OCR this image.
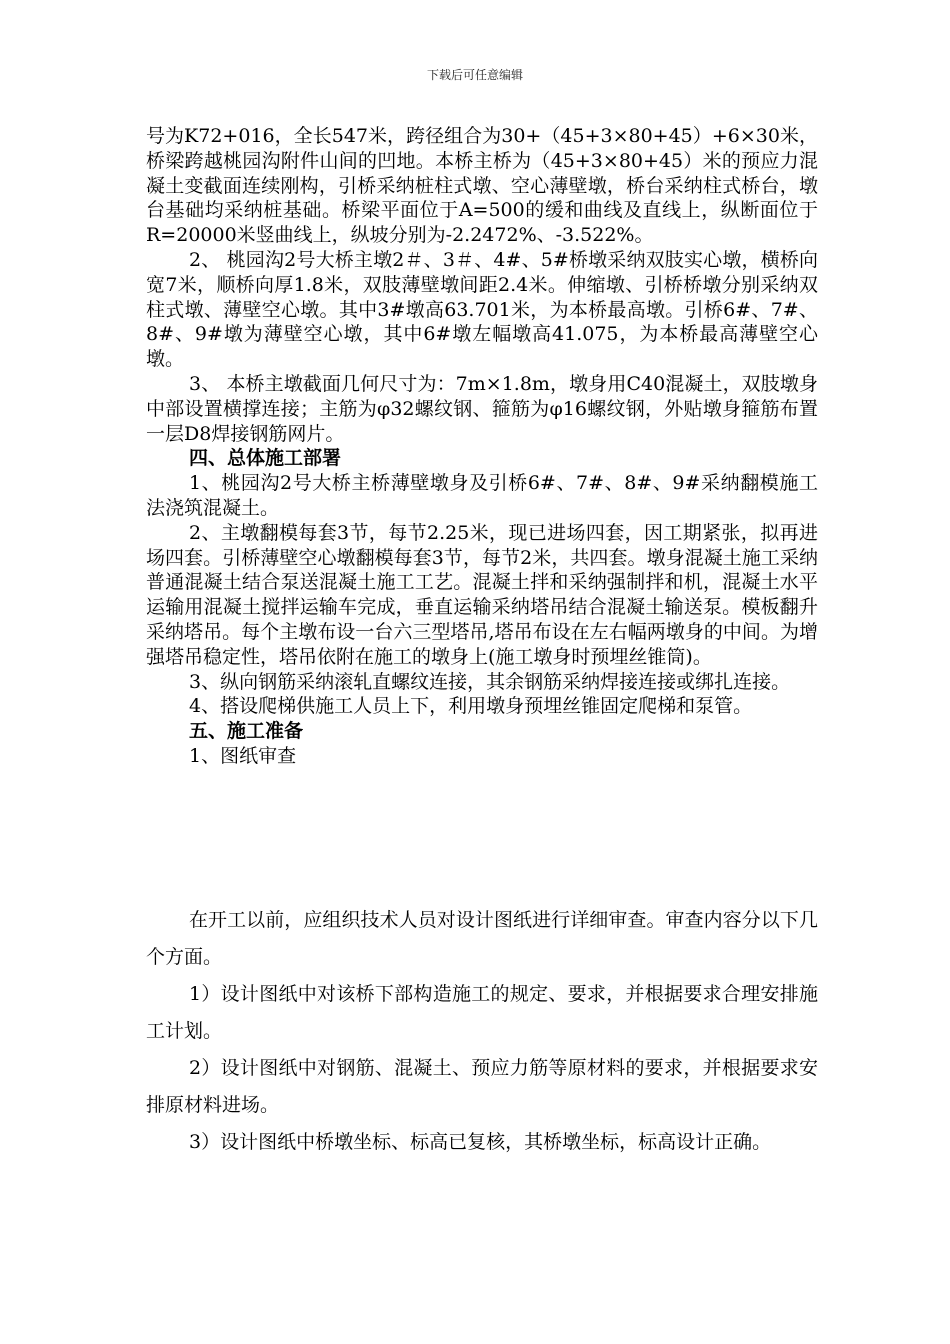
下载后可任意编辑

号为K72+016，全长547米，跨径组合为30+（45+3×80+45）+6×30米，桥梁跨越桃园沟附件山间的凹地。本桥主桥为（45+3×80+45）米的预应力混凝土变截面连续刚构，引桥采纳桩柱式墩、空心薄壁墩，桥台采纳柱式桥台，墩台基础均采纳桩基础。桥梁平面位于A=500的缓和曲线及直线上，纵断面位于R=20000米竖曲线上，纵坡分别为-2.2472%、-3.522%。

2、 桃园沟2号大桥主墩2＃、3＃、4#、5#桥墩采纳双肢实心墩，横桥向宽7米，顺桥向厚1.8米，双肢薄壁墩间距2.4米。伸缩墩、引桥桥墩分别采纳双柱式墩、薄壁空心墩。其中3#墩高63.701米，为本桥最高墩。引桥6#、7#、8#、9#墩为薄壁空心墩，其中6#墩左幅墩高41.075，为本桥最高薄壁空心墩。

3、 本桥主墩截面几何尺寸为：7m×1.8m，墩身用C40混凝土，双肢墩身中部设置横撑连接；主筋为φ32螺纹钢、箍筋为φ16螺纹钢，外贴墩身箍筋布置一层D8焊接钢筋网片。

四、总体施工部署

1、桃园沟2号大桥主桥薄壁墩身及引桥6#、7#、8#、9#采纳翻模施工法浇筑混凝土。

2、主墩翻模每套3节，每节2.25米，现已进场四套，因工期紧张，拟再进场四套。引桥薄壁空心墩翻模每套3节，每节2米，共四套。墩身混凝土施工采纳普通混凝土结合泵送混凝土施工工艺。混凝土拌和采纳强制拌和机，混凝土水平运输用混凝土搅拌运输车完成，垂直运输采纳塔吊结合混凝土输送泵。模板翻升采纳塔吊。每个主墩布设一台六三型塔吊,塔吊布设在左右幅两墩身的中间。为增强塔吊稳定性，塔吊依附在施工的墩身上(施工墩身时预埋丝锥筒)。

3、纵向钢筋采纳滚轧直螺纹连接，其余钢筋采纳焊接连接或绑扎连接。

4、搭设爬梯供施工人员上下，利用墩身预埋丝锥固定爬梯和泵管。

五、施工准备

1、图纸审查

在开工以前，应组织技术人员对设计图纸进行详细审查。审查内容分以下几个方面。

1）设计图纸中对该桥下部构造施工的规定、要求，并根据要求合理安排施工计划。

2）设计图纸中对钢筋、混凝土、预应力筋等原材料的要求，并根据要求安排原材料进场。

3）设计图纸中桥墩坐标、标高已复核，其桥墩坐标，标高设计正确。
